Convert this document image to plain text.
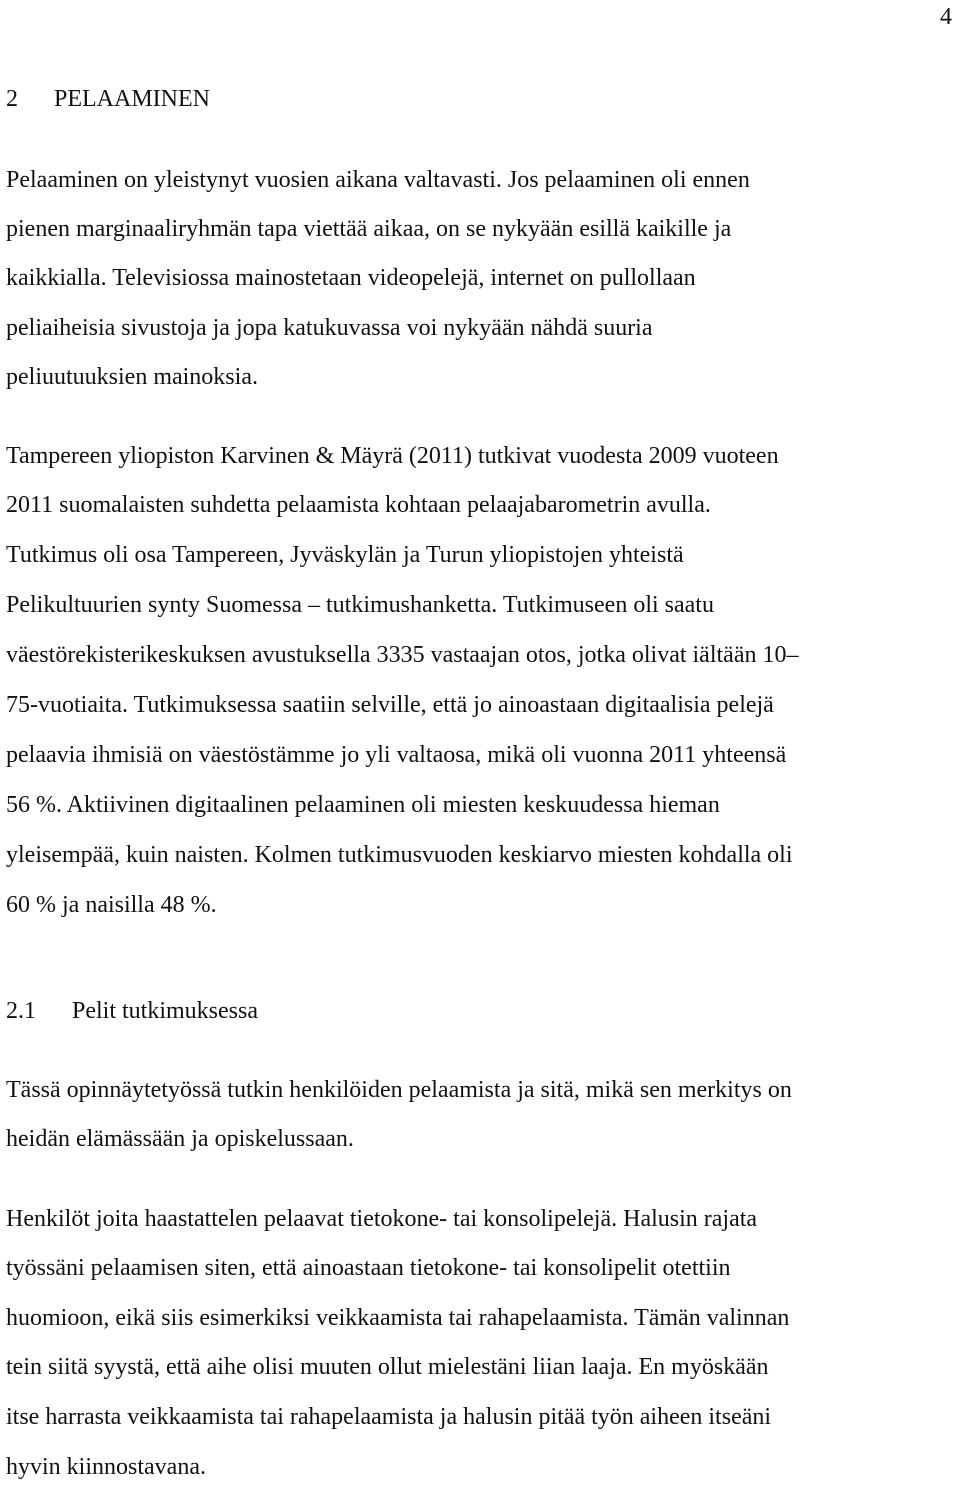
4
2 PELAAMINEN
Pelaaminen on yleistynyt vuosien aikana valtavasti. Jos pelaaminen oli ennen
pienen marginaaliryhmän tapa viettää aikaa, on se nykyään esillä kaikille ja
kaikkialla. Televisiossa mainostetaan videopelejä, internet on pullollaan
peliaiheisia sivustoja ja jopa katukuvassa voi nykyään nähdä suuria
peliuutuuksien mainoksia.
Tampereen yliopiston Karvinen & Mäyrä (2011) tutkivat vuodesta 2009 vuoteen
2011 suomalaisten suhdetta pelaamista kohtaan pelaajabarometrin avulla.
Tutkimus oli osa Tampereen, Jyväskylän ja Turun yliopistojen yhteistä
Pelikultuurien synty Suomessa – tutkimushanketta. Tutkimuseen oli saatu
väestörekisterikeskuksen avustuksella 3335 vastaajan otos, jotka olivat iältään 10–
75-vuotiaita. Tutkimuksessa saatiin selville, että jo ainoastaan digitaalisia pelejä
pelaavia ihmisiä on väestöstämme jo yli valtaosa, mikä oli vuonna 2011 yhteensä
56 %. Aktiivinen digitaalinen pelaaminen oli miesten keskuudessa hieman
yleisempää, kuin naisten. Kolmen tutkimusvuoden keskiarvo miesten kohdalla oli
60 % ja naisilla 48 %.
2.1 Pelit tutkimuksessa
Tässä opinnäytetyössä tutkin henkilöiden pelaamista ja sitä, mikä sen merkitys on
heidän elämässään ja opiskelussaan.
Henkilöt joita haastattelen pelaavat tietokone- tai konsolipelejä. Halusin rajata
työssäni pelaamisen siten, että ainoastaan tietokone- tai konsolipelit otettiin
huomioon, eikä siis esimerkiksi veikkaamista tai rahapelaamista. Tämän valinnan
tein siitä syystä, että aihe olisi muuten ollut mielestäni liian laaja. En myöskään
itse harrasta veikkaamista tai rahapelaamista ja halusin pitää työn aiheen itseäni
hyvin kiinnostavana.
